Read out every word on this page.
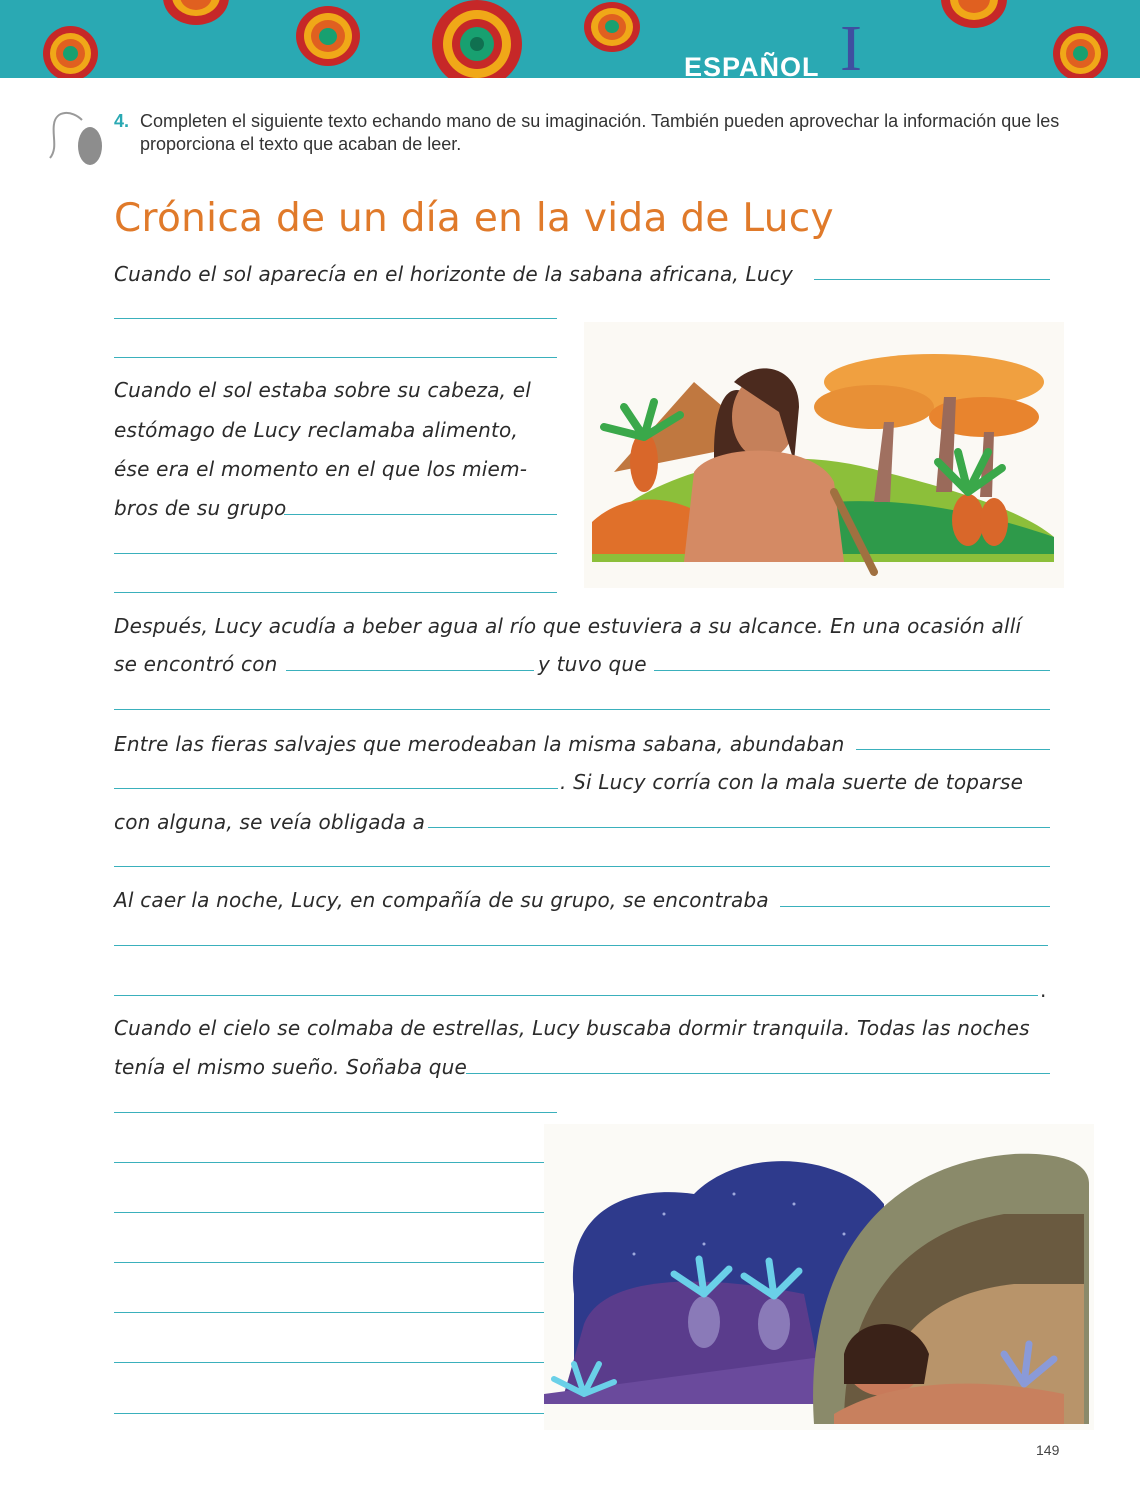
ESPAÑOL I
4. Completen el siguiente texto echando mano de su imaginación. También pueden aprovechar la información que les proporciona el texto que acaban de leer.
Crónica de un día en la vida de Lucy
Cuando el sol aparecía en el horizonte de la sabana africana, Lucy
Cuando el sol estaba sobre su cabeza, el
estómago de Lucy reclamaba alimento,
ése era el momento en el que los miem-
bros de su grupo
Después, Lucy acudía a beber agua al río que estuviera a su alcance. En una ocasión allí
se encontró con	y tuvo que
Entre las fieras salvajes que merodeaban la misma sabana, abundaban
. Si Lucy corría con la mala suerte de toparse
con alguna, se veía obligada a
Al caer la noche, Lucy, en compañía de su grupo, se encontraba
.
Cuando el cielo se colmaba de estrellas, Lucy buscaba dormir tranquila. Todas las noches
tenía el mismo sueño. Soñaba que
149
